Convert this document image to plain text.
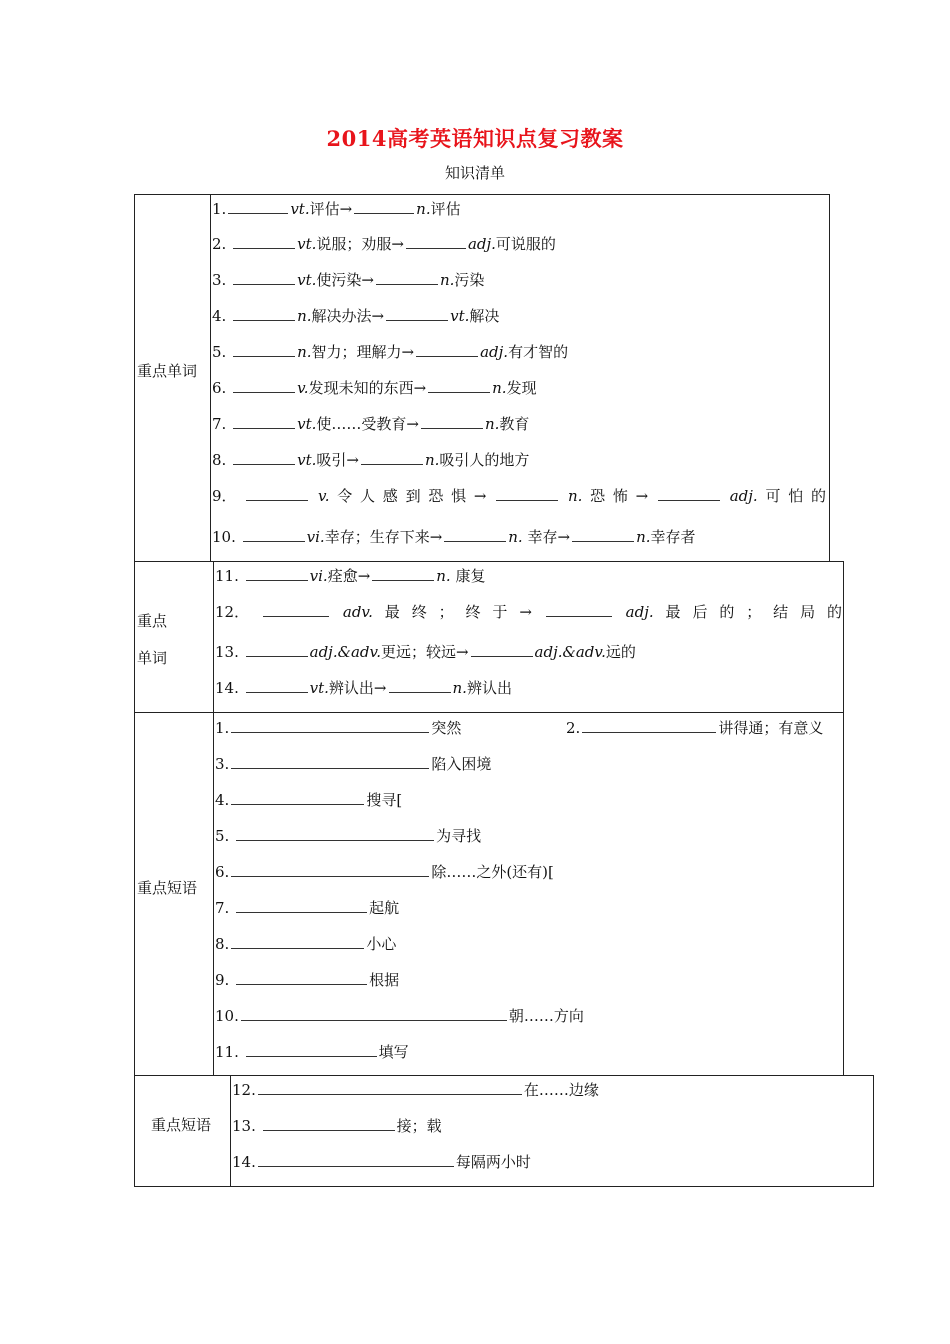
2014高考英语知识点复习教案
知识清单
重点单词
1.	vt.评估→	n.评估
2.	vt.说服；劝服→	adj.可说服的
3.	vt.使污染→	n.污染
4.	n.解决办法→	vt.解决
5.	n.智力；理解力→	adj.有才智的
6.	v.发现未知的东西→	n.发现
7.	vt.使……受教育→	n.教育
8.	vt.吸引→	n.吸引人的地方
9．	v. 令 人 感 到 恐 惧 →	n. 恐 怖 →	adj. 可 怕 的
10.	vi.幸存；生存下来→	n. 幸存→	n.幸存者
重点
单词
11.	vi.痊愈→	n. 康复
12．	adv. 最 终 ； 终 于 →	adj. 最 后 的 ； 结 局 的
13.	adj.&adv.更远；较远→	adj.&adv.远的
14.	vt.辨认出→	n.辨认出
重点短语
1.	突然	2.	讲得通；有意义
3.	陷入困境
4.	搜寻[
5.	为寻找
6.	除……之外(还有)[
7.	起航
8.	小心
9.	根据
10.	朝……方向
11.	填写
重点短语
12.	在……边缘
13.	接；载
14.	每隔两小时
